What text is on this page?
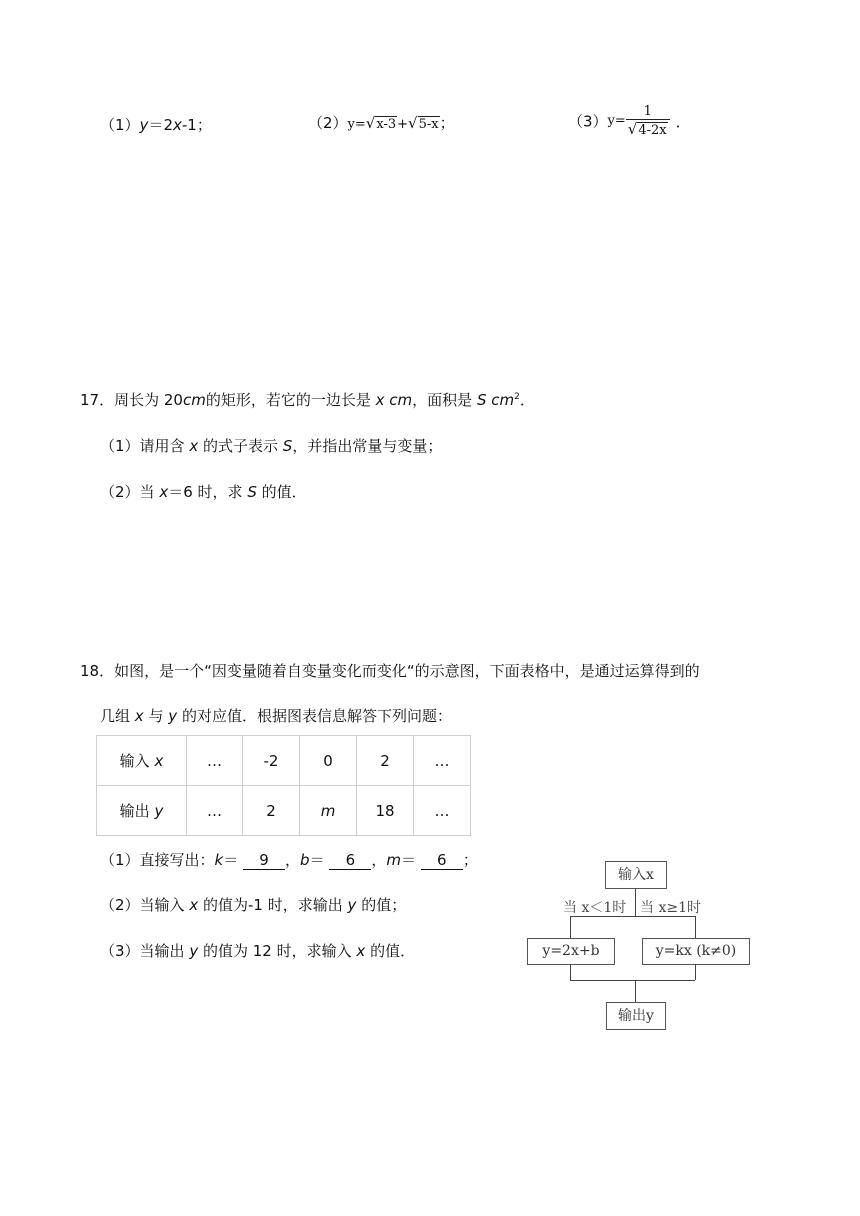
（1）y＝2x-1；	（2）y=√x-3+√5-x；	$(3)y= \frac{1}{√4-2x}$ ．
17．周长为 20cm的矩形，若它的一边长是 x cm，面积是 S $cm^2$．
（1）请用含 x 的式子表示 S，并指出常量与变量；
（2）当 x＝6 时，求 S 的值．
18．如图，是一个“因变量随着自变量变化而变化“的示意图，下面表格中，是通过运算得到的
几组 x 与 y 的对应值．根据图表信息解答下列问题：
输入 x	…	-2	0	2	…
输出 y	…	2	m	18	…
（1）直接写出：k＝ 9 ，b＝ 6 ，m＝ 6 ；
（2）当输入 x 的值为-1 时，求输出 y 的值；
（3）当输出 y 的值为 12 时，求输入 x 的值．
输入x
当 x＜1时 当 x≥1时
y=2x+b	y=kx (k≠0)
输出y
